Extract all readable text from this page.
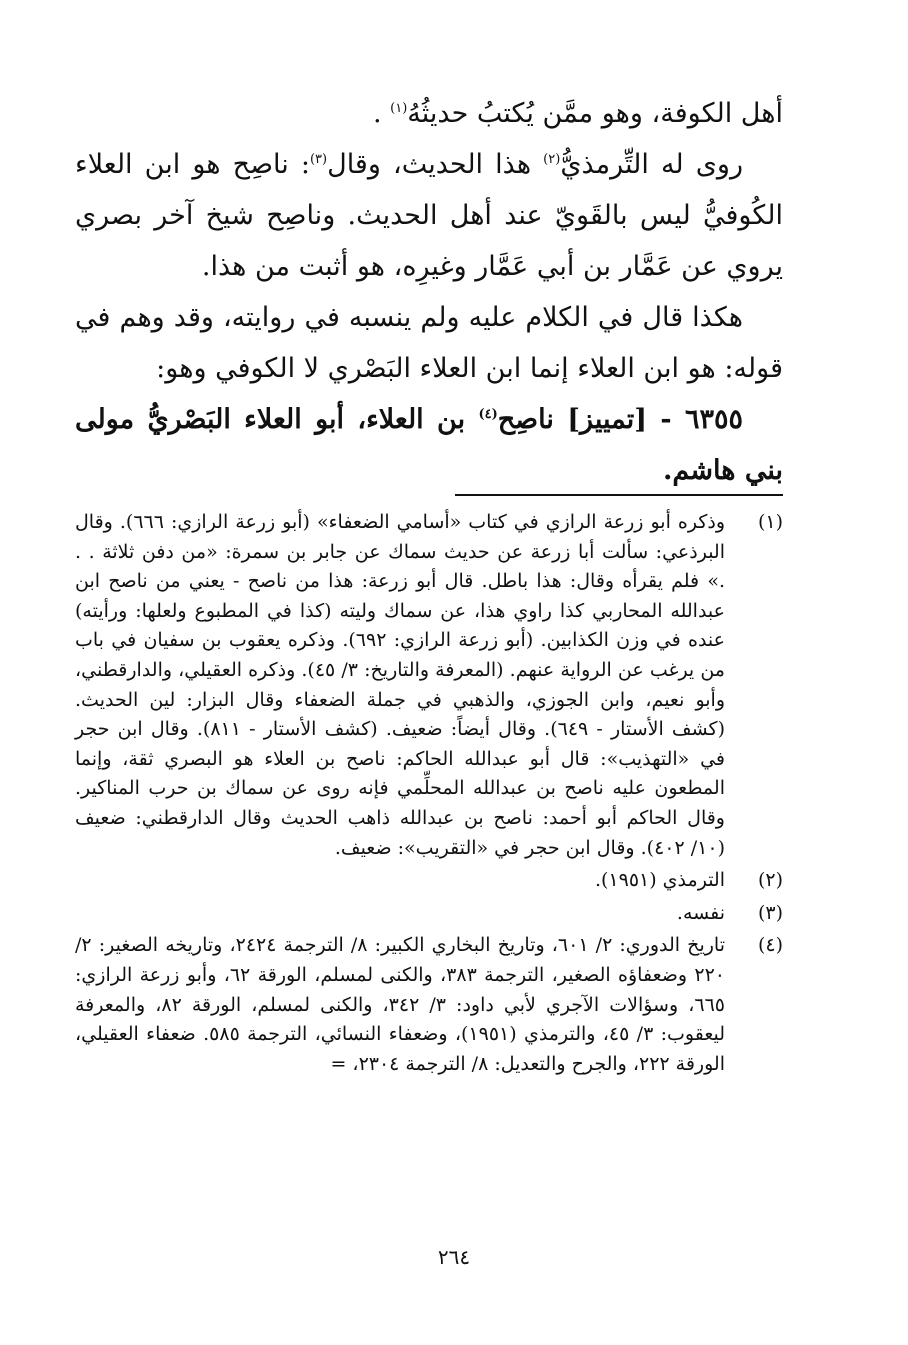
أهل الكوفة، وهو ممَّن يُكتبُ حديثُهُ$^{(١)}$ .

روى له التِّرمذيُّ$^{(٢)}$ هذا الحديث، وقال$^{(٣)}$: ناصِح هو ابن العلاء الكُوفيُّ ليس بالقَويّ عند أهل الحديث. وناصِح شيخ آخر بصري يروي عن عَمَّار بن أبي عَمَّار وغيرِه، هو أثبت من هذا.

هكذا قال في الكلام عليه ولم ينسبه في روايته، وقد وهم في قوله: هو ابن العلاء إنما ابن العلاء البَصْري لا الكوفي وهو:

٦٣٥٥ - [تمييز] ناصِح$^{(٤)}$ بن العلاء، أبو العلاء البَصْريُّ مولى بني هاشم.

(١)
وذكره أبو زرعة الرازي في كتاب «أسامي الضعفاء» (أبو زرعة الرازي: ٦٦٦). وقال البرذعي: سألت أبا زرعة عن حديث سماك عن جابر بن سمرة: «من دفن ثلاثة . . .» فلم يقرأه وقال: هذا باطل. قال أبو زرعة: هذا من ناصح - يعني من ناصح ابن عبدالله المحاربي كذا راوي هذا، عن سماك وليته (كذا في المطبوع ولعلها: ورأيته) عنده في وزن الكذابين. (أبو زرعة الرازي: ٦٩٢). وذكره يعقوب بن سفيان في باب من يرغب عن الرواية عنهم. (المعرفة والتاريخ: ٣/ ٤٥). وذكره العقيلي، والدارقطني، وأبو نعيم، وابن الجوزي، والذهبي في جملة الضعفاء وقال البزار: لين الحديث. (كشف الأستار - ٦٤٩). وقال أيضاً: ضعيف. (كشف الأستار - ٨١١). وقال ابن حجر في «التهذيب»: قال أبو عبدالله الحاكم: ناصح بن العلاء هو البصري ثقة، وإنما المطعون عليه ناصح بن عبدالله المحلِّمي فإنه روى عن سماك بن حرب المناكير. وقال الحاكم أبو أحمد: ناصح بن عبدالله ذاهب الحديث وقال الدارقطني: ضعيف (١٠/ ٤٠٢). وقال ابن حجر في «التقريب»: ضعيف.

(٢)
الترمذي (١٩٥١).

(٣)
نفسه.

(٤)
تاريخ الدوري: ٢/ ٦٠١، وتاريخ البخاري الكبير: ٨/ الترجمة ٢٤٢٤، وتاريخه الصغير: ٢/ ٢٢٠ وضعفاؤه الصغير، الترجمة ٣٨٣، والكنى لمسلم، الورقة ٦٢، وأبو زرعة الرازي: ٦٦٥، وسؤالات الآجري لأبي داود: ٣/ ٣٤٢، والكنى لمسلم، الورقة ٨٢، والمعرفة ليعقوب: ٣/ ٤٥، والترمذي (١٩٥١)، وضعفاء النسائي، الترجمة ٥٨٥. ضعفاء العقيلي، الورقة ٢٢٢، والجرح والتعديل: ٨/ الترجمة ٢٣٠٤، =

٢٦٤
